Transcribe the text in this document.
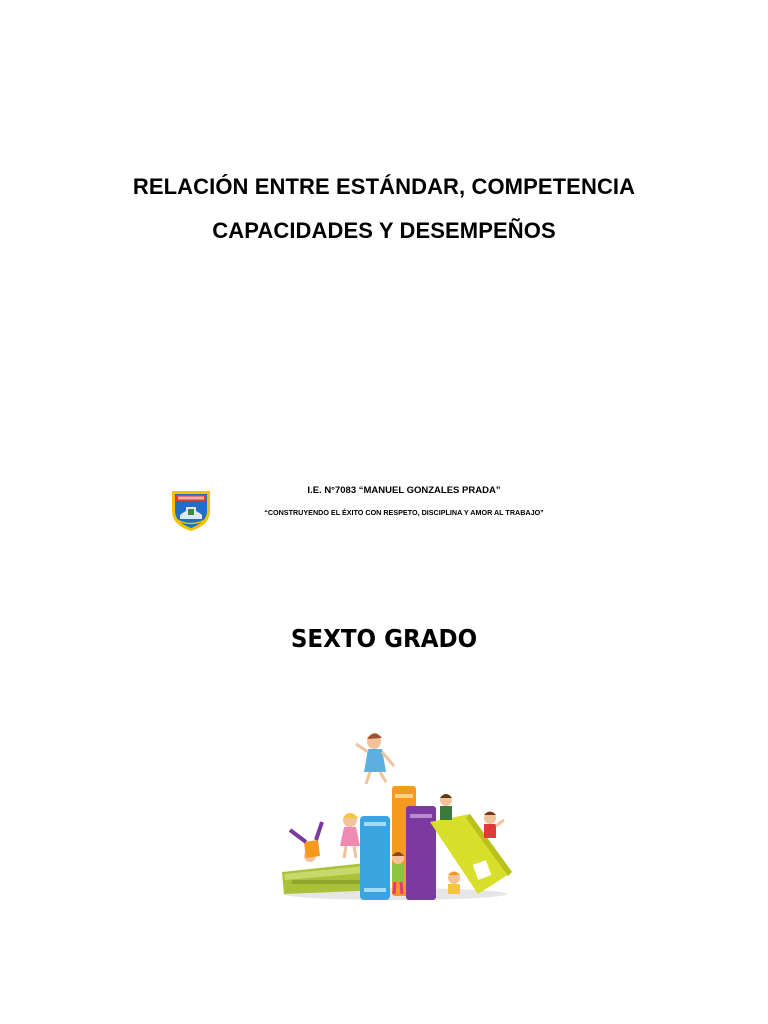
RELACIÓN ENTRE ESTÁNDAR, COMPETENCIA
CAPACIDADES Y DESEMPEÑOS
I.E. N°7083 “MANUEL GONZALES PRADA”
“CONSTRUYENDO EL ÉXITO CON RESPETO, DISCIPLINA Y AMOR AL TRABAJO”
SEXTO GRADO
